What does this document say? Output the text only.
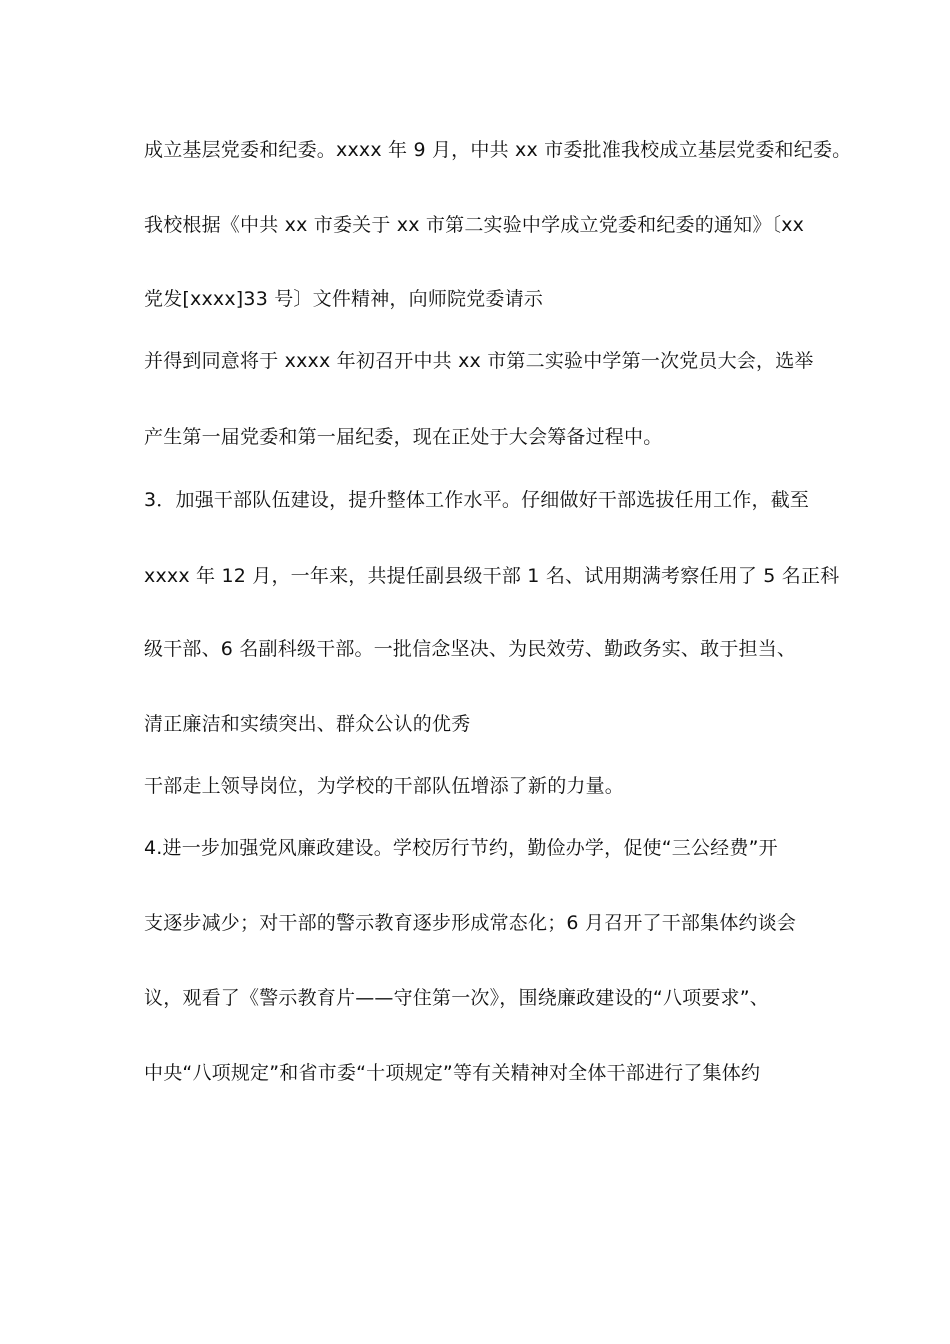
成立基层党委和纪委。xxxx 年 9 月，中共 xx 市委批准我校成立基层党委和纪委。
我校根据《中共 xx 市委关于 xx 市第二实验中学成立党委和纪委的通知》〔xx
党发[xxxx]33 号〕文件精神，向师院党委请示
并得到同意将于 xxxx 年初召开中共 xx 市第二实验中学第一次党员大会，选举
产生第一届党委和第一届纪委，现在正处于大会筹备过程中。
3．加强干部队伍建设，提升整体工作水平。仔细做好干部选拔任用工作，截至
xxxx 年 12 月，一年来，共提任副县级干部 1 名、试用期满考察任用了 5 名正科
级干部、6 名副科级干部。一批信念坚决、为民效劳、勤政务实、敢于担当、
清正廉洁和实绩突出、群众公认的优秀
干部走上领导岗位，为学校的干部队伍增添了新的力量。
4.进一步加强党风廉政建设。学校厉行节约，勤俭办学，促使“三公经费”开
支逐步减少；对干部的警示教育逐步形成常态化；6 月召开了干部集体约谈会
议，观看了《警示教育片——守住第一次》，围绕廉政建设的“八项要求”、
中央“八项规定”和省市委“十项规定”等有关精神对全体干部进行了集体约
